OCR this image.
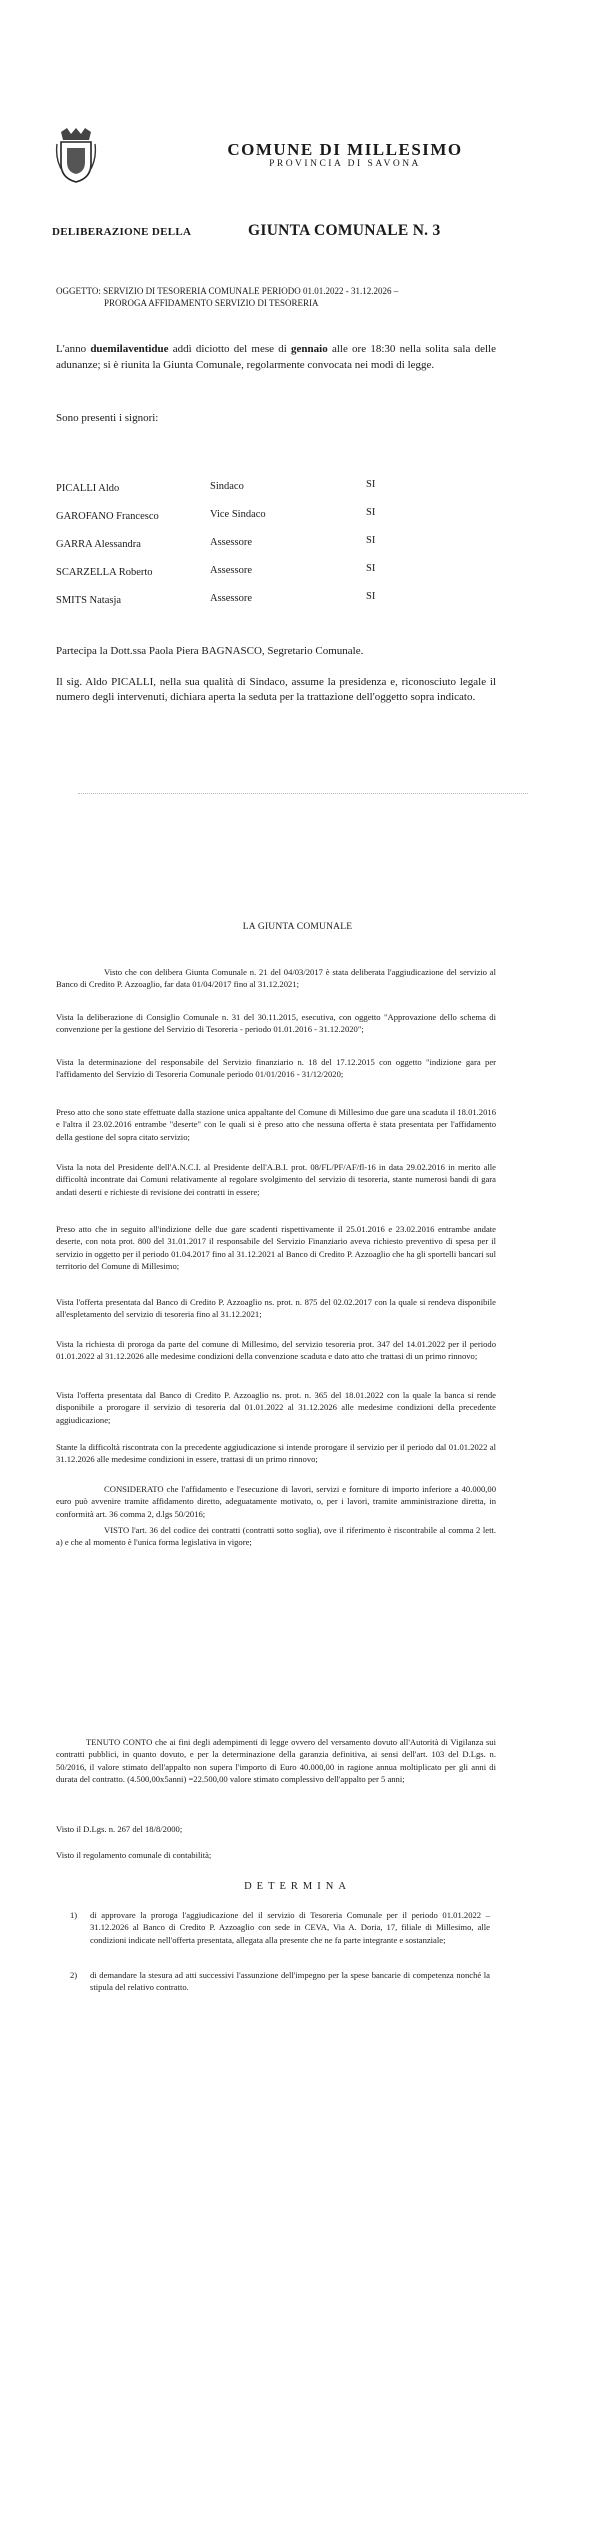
COMUNE DI MILLESIMO
PROVINCIA DI SAVONA
DELIBERAZIONE DELLA	GIUNTA COMUNALE N. 3
OGGETTO: SERVIZIO DI TESORERIA COMUNALE PERIODO 01.01.2022 - 31.12.2026 –
PROROGA AFFIDAMENTO SERVIZIO DI TESORERIA
L'anno duemilaventidue addì diciotto del mese di gennaio alle ore 18:30 nella solita sala delle adunanze; si è riunita la Giunta Comunale, regolarmente convocata nei modi di legge.
Sono presenti i signori:
PICALLI Aldo	Sindaco	SI
GAROFANO Francesco	Vice Sindaco	SI
GARRA Alessandra	Assessore	SI
SCARZELLA Roberto	Assessore	SI
SMITS Natasja	Assessore	SI
Partecipa la Dott.ssa Paola Piera BAGNASCO, Segretario Comunale.
Il sig. Aldo PICALLI, nella sua qualità di Sindaco, assume la presidenza e, riconosciuto legale il numero degli intervenuti, dichiara aperta la seduta per la trattazione dell'oggetto sopra indicato.
LA GIUNTA COMUNALE
Visto che con delibera Giunta Comunale n. 21 del 04/03/2017 è stata deliberata l'aggiudicazione del servizio al Banco di Credito P. Azzoaglio, far data 01/04/2017 fino al 31.12.2021;
Vista la deliberazione di Consiglio Comunale n. 31 del 30.11.2015, esecutiva, con oggetto "Approvazione dello schema di convenzione per la gestione del Servizio di Tesoreria - periodo 01.01.2016 - 31.12.2020";
Vista la determinazione del responsabile del Servizio finanziario n. 18 del 17.12.2015 con oggetto "indizione gara per l'affidamento del Servizio di Tesoreria Comunale periodo 01/01/2016 - 31/12/2020;
Preso atto che sono state effettuate dalla stazione unica appaltante del Comune di Millesimo due gare una scaduta il 18.01.2016 e l'altra il 23.02.2016 entrambe "deserte" con le quali si è preso atto che nessuna offerta è stata presentata per l'affidamento della gestione del sopra citato servizio;
Vista la nota del Presidente dell'A.N.C.I. al Presidente dell'A.B.I. prot. 08/FL/PF/AF/fl-16 in data 29.02.2016 in merito alle difficoltà incontrate dai Comuni relativamente al regolare svolgimento del servizio di tesoreria, stante numerosi bandi di gara andati deserti e richieste di revisione dei contratti in essere;
Preso atto che in seguito all'indizione delle due gare scadenti rispettivamente il 25.01.2016 e 23.02.2016 entrambe andate deserte, con nota prot. 800 del 31.01.2017 il responsabile del Servizio Finanziario aveva richiesto preventivo di spesa per il servizio in oggetto per il periodo 01.04.2017 fino al 31.12.2021 al Banco di Credito P. Azzoaglio che ha gli sportelli bancari sul territorio del Comune di Millesimo;
Vista l'offerta presentata dal Banco di Credito P. Azzoaglio ns. prot. n. 875 del 02.02.2017 con la quale si rendeva disponibile all'espletamento del servizio di tesoreria fino al 31.12.2021;
Vista la richiesta di proroga da parte del comune di Millesimo, del servizio tesoreria prot. 347 del 14.01.2022 per il periodo 01.01.2022 al 31.12.2026 alle medesime condizioni della convenzione scaduta e dato atto che trattasi di un primo rinnovo;
Vista l'offerta presentata dal Banco di Credito P. Azzoaglio ns. prot. n. 365 del 18.01.2022 con la quale la banca si rende disponibile a prorogare il servizio di tesoreria dal 01.01.2022 al 31.12.2026 alle medesime condizioni della precedente aggiudicazione;
Stante la difficoltà riscontrata con la precedente aggiudicazione si intende prorogare il servizio per il periodo dal 01.01.2022 al 31.12.2026 alle medesime condizioni in essere, trattasi di un primo rinnovo;
CONSIDERATO che l'affidamento e l'esecuzione di lavori, servizi e forniture di importo inferiore a 40.000,00 euro può avvenire tramite affidamento diretto, adeguatamente motivato, o, per i lavori, tramite amministrazione diretta, in conformità art. 36 comma 2, d.lgs 50/2016;
VISTO l'art. 36 del codice dei contratti (contratti sotto soglia), ove il riferimento è riscontrabile al comma 2 lett. a) e che al momento è l'unica forma legislativa in vigore;
TENUTO CONTO che ai fini degli adempimenti di legge ovvero del versamento dovuto all'Autorità di Vigilanza sui contratti pubblici, in quanto dovuto, e per la determinazione della garanzia definitiva, ai sensi dell'art. 103 del D.Lgs. n. 50/2016, il valore stimato dell'appalto non supera l'importo di Euro 40.000,00 in ragione annua moltiplicato per gli anni di durata del contratto. (4.500,00x5anni) =22.500,00 valore stimato complessivo dell'appalto per 5 anni;
Visto il D.Lgs. n. 267 del 18/8/2000;
Visto il regolamento comunale di contabilità;
DETERMINA
1) di approvare la proroga l'aggiudicazione del il servizio di Tesoreria Comunale per il periodo 01.01.2022 – 31.12.2026 al Banco di Credito P. Azzoaglio con sede in CEVA, Via A. Doria, 17, filiale di Millesimo, alle condizioni indicate nell'offerta presentata, allegata alla presente che ne fa parte integrante e sostanziale;
2) di demandare la stesura ad atti successivi l'assunzione dell'impegno per la spese bancarie di competenza nonché la stipula del relativo contratto.
